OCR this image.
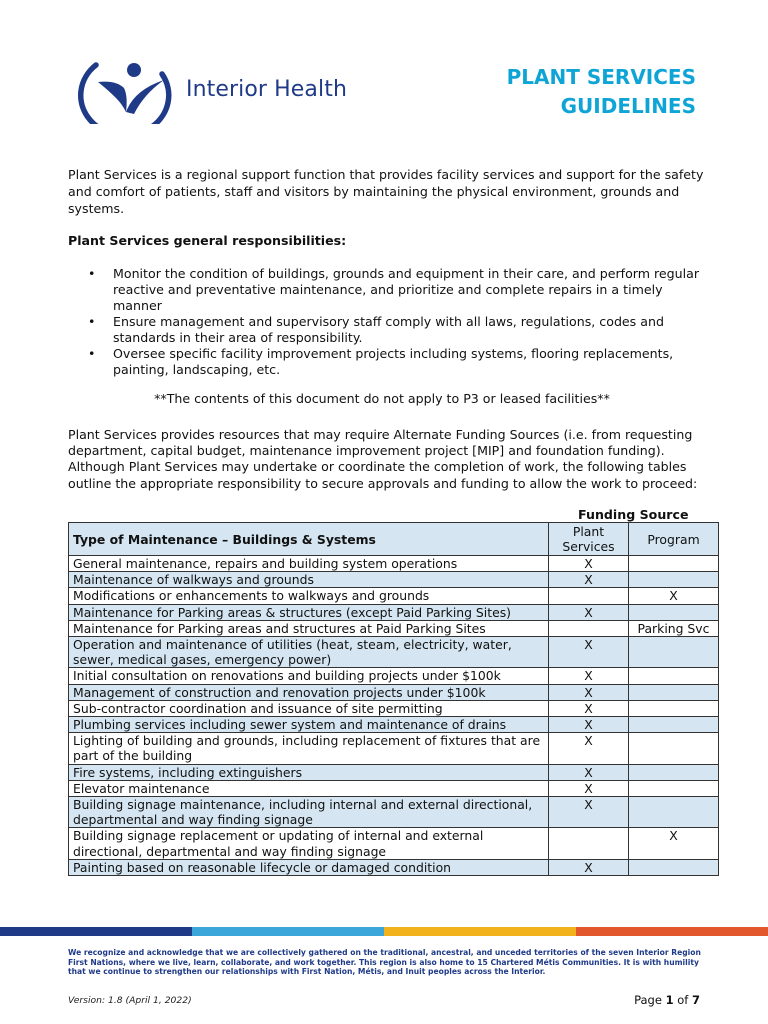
Interior Health	PLANT SERVICES
GUIDELINES
Plant Services is a regional support function that provides facility services and support for the safety and comfort of patients, staff and visitors by maintaining the physical environment, grounds and systems.
Plant Services general responsibilities:
• Monitor the condition of buildings, grounds and equipment in their care, and perform regular reactive and preventative maintenance, and prioritize and complete repairs in a timely manner
• Ensure management and supervisory staff comply with all laws, regulations, codes and standards in their area of responsibility.
• Oversee specific facility improvement projects including systems, flooring replacements, painting, landscaping, etc.
**The contents of this document do not apply to P3 or leased facilities**
Plant Services provides resources that may require Alternate Funding Sources (i.e. from requesting department, capital budget, maintenance improvement project [MIP] and foundation funding). Although Plant Services may undertake or coordinate the completion of work, the following tables outline the appropriate responsibility to secure approvals and funding to allow the work to proceed:
Funding Source
Type of Maintenance – Buildings & Systems	Plant Services	Program
General maintenance, repairs and building system operations	X	
Maintenance of walkways and grounds	X	
Modifications or enhancements to walkways and grounds		X
Maintenance for Parking areas & structures (except Paid Parking Sites)	X	
Maintenance for Parking areas and structures at Paid Parking Sites		Parking Svc
Operation and maintenance of utilities (heat, steam, electricity, water, sewer, medical gases, emergency power)	X	
Initial consultation on renovations and building projects under $100k	X	
Management of construction and renovation projects under $100k	X	
Sub-contractor coordination and issuance of site permitting	X	
Plumbing services including sewer system and maintenance of drains	X	
Lighting of building and grounds, including replacement of fixtures that are part of the building	X	
Fire systems, including extinguishers	X	
Elevator maintenance	X	
Building signage maintenance, including internal and external directional, departmental and way finding signage	X	
Building signage replacement or updating of internal and external directional, departmental and way finding signage		X
Painting based on reasonable lifecycle or damaged condition	X	
We recognize and acknowledge that we are collectively gathered on the traditional, ancestral, and unceded territories of the seven Interior Region First Nations, where we live, learn, collaborate, and work together. This region is also home to 15 Chartered Métis Communities. It is with humility that we continue to strengthen our relationships with First Nation, Métis, and Inuit peoples across the Interior.
Version: 1.8 (April 1, 2022)	Page 1 of 7
